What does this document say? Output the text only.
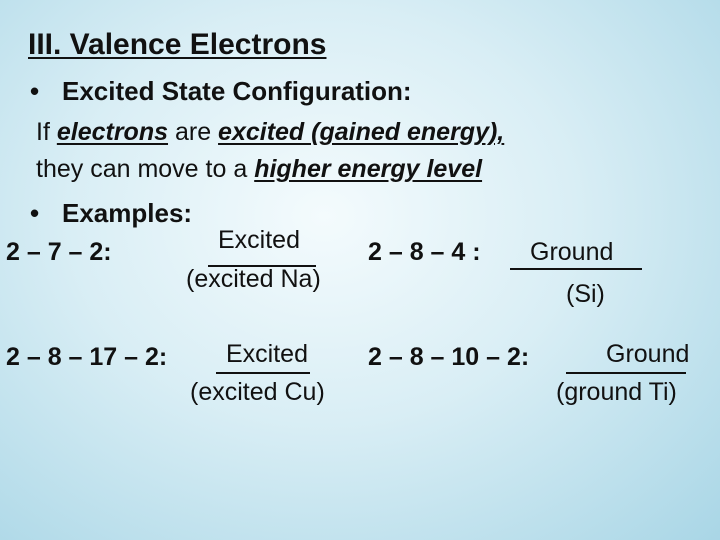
III. Valence Electrons
• Excited State Configuration:
If electrons are excited (gained energy),
they can move to a higher energy level
• Examples:
2 – 7 – 2:	Excited
(excited Na)
2 – 8 – 4 : Ground
(Si)
2 – 8 – 17 – 2: Excited
(excited Cu)
2 – 8 – 10 – 2:	Ground
(ground Ti)
